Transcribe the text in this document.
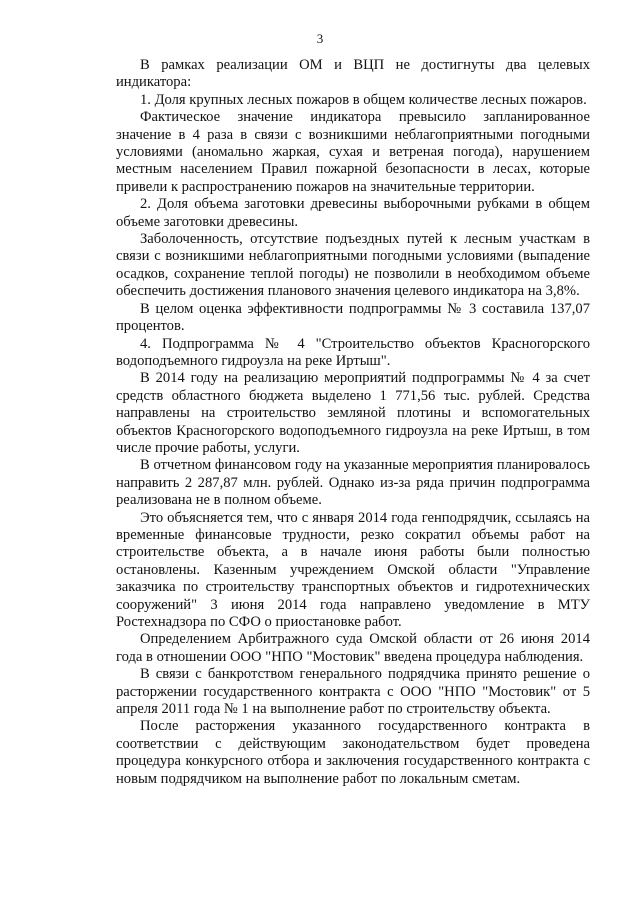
3

В рамках реализации ОМ и ВЦП не достигнуты два целевых индикатора:

1. Доля крупных лесных пожаров в общем количестве лесных пожаров.

Фактическое значение индикатора превысило запланированное значение в 4 раза в связи с возникшими неблагоприятными погодными условиями (аномально жаркая, сухая и ветреная погода), нарушением местным населением Правил пожарной безопасности в лесах, которые привели к распространению пожаров на значительные территории.

2. Доля объема заготовки древесины выборочными рубками в общем объеме заготовки древесины.

Заболоченность, отсутствие подъездных путей к лесным участкам в связи с возникшими неблагоприятными погодными условиями (выпадение осадков, сохранение теплой погоды) не позволили в необходимом объеме обеспечить достижения планового значения целевого индикатора на 3,8%.

В целом оценка эффективности подпрограммы № 3 составила 137,07 процентов.

4. Подпрограмма № 4 "Строительство объектов Красногорского водоподъемного гидроузла на реке Иртыш".

В 2014 году на реализацию мероприятий подпрограммы № 4 за счет средств областного бюджета выделено 1 771,56 тыс. рублей. Средства направлены на строительство земляной плотины и вспомогательных объектов Красногорского водоподъемного гидроузла на реке Иртыш, в том числе прочие работы, услуги.

В отчетном финансовом году на указанные мероприятия планировалось направить 2 287,87 млн. рублей. Однако из-за ряда причин подпрограмма реализована не в полном объеме.

Это объясняется тем, что с января 2014 года генподрядчик, ссылаясь на временные финансовые трудности, резко сократил объемы работ на строительстве объекта, а в начале июня работы были полностью остановлены. Казенным учреждением Омской области "Управление заказчика по строительству транспортных объектов и гидротехнических сооружений" 3 июня 2014 года направлено уведомление в МТУ Ростехнадзора по СФО о приостановке работ.

Определением Арбитражного суда Омской области от 26 июня 2014 года в отношении ООО "НПО "Мостовик" введена процедура наблюдения.

В связи с банкротством генерального подрядчика принято решение о расторжении государственного контракта с ООО "НПО "Мостовик" от 5 апреля 2011 года № 1 на выполнение работ по строительству объекта.

После расторжения указанного государственного контракта в соответствии с действующим законодательством будет проведена процедура конкурсного отбора и заключения государственного контракта с новым подрядчиком на выполнение работ по локальным сметам.
